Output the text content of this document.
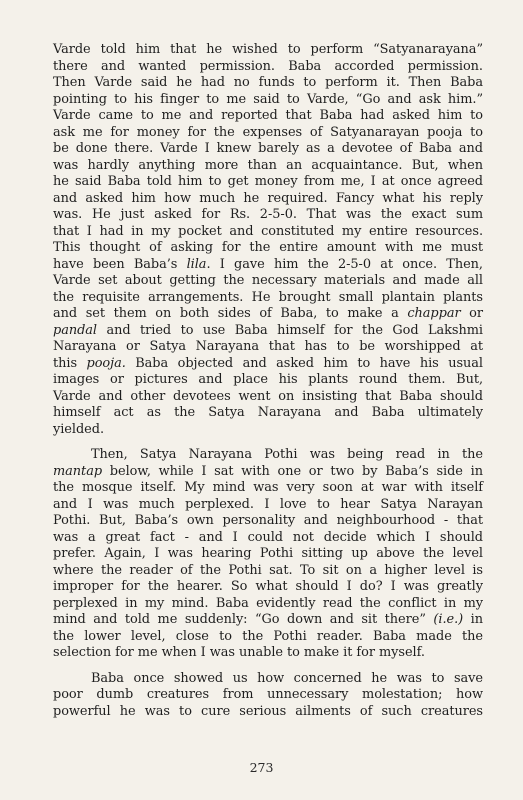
Varde told him that he wished to perform “Satyanarayana”
there and wanted permission. Baba accorded permission.
Then Varde said he had no funds to perform it. Then Baba
pointing to his finger to me said to Varde, “Go and ask him.”
Varde came to me and reported that Baba had asked him to
ask me for money for the expenses of Satyanarayan pooja to
be done there. Varde I knew barely as a devotee of Baba and
was hardly anything more than an acquaintance. But, when
he said Baba told him to get money from me, I at once agreed
and asked him how much he required. Fancy what his reply
was. He just asked for Rs. 2-5-0. That was the exact sum
that I had in my pocket and constituted my entire resources.
This thought of asking for the entire amount with me must
have been Baba’s lila. I gave him the 2-5-0 at once. Then,
Varde set about getting the necessary materials and made all
the requisite arrangements. He brought small plantain plants
and set them on both sides of Baba, to make a chappar or
pandal and tried to use Baba himself for the God Lakshmi
Narayana or Satya Narayana that has to be worshipped at
this pooja. Baba objected and asked him to have his usual
images or pictures and place his plants round them. But,
Varde and other devotees went on insisting that Baba should
himself act as the Satya Narayana and Baba ultimately
yielded.
Then, Satya Narayana Pothi was being read in the
mantap below, while I sat with one or two by Baba’s side in
the mosque itself. My mind was very soon at war with itself
and I was much perplexed. I love to hear Satya Narayan
Pothi. But, Baba’s own personality and neighbourhood - that
was a great fact - and I could not decide which I should
prefer. Again, I was hearing Pothi sitting up above the level
where the reader of the Pothi sat. To sit on a higher level is
improper for the hearer. So what should I do? I was greatly
perplexed in my mind. Baba evidently read the conflict in my
mind and told me suddenly: “Go down and sit there” (i.e.) in
the lower level, close to the Pothi reader. Baba made the
selection for me when I was unable to make it for myself.
Baba once showed us how concerned he was to save
poor dumb creatures from unnecessary molestation; how
powerful he was to cure serious ailments of such creatures
273
